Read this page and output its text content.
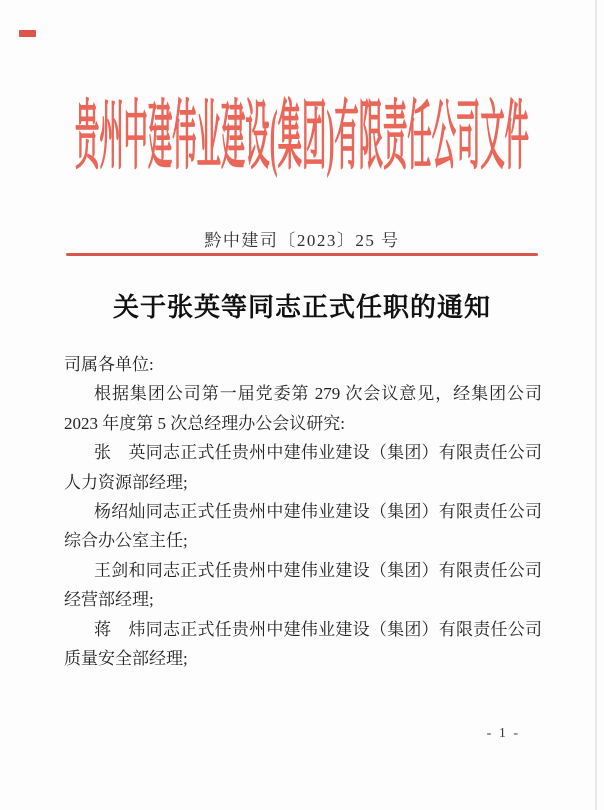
贵州中建伟业建设(集团)有限责任公司文件
黔中建司〔2023〕25 号
关于张英等同志正式任职的通知
司属各单位:
根据集团公司第一届党委第 279 次会议意见，经集团公司
2023 年度第 5 次总经理办公会议研究:
张　英同志正式任贵州中建伟业建设（集团）有限责任公司
人力资源部经理;
杨绍灿同志正式任贵州中建伟业建设（集团）有限责任公司
综合办公室主任;
王剑和同志正式任贵州中建伟业建设（集团）有限责任公司
经营部经理;
蒋　炜同志正式任贵州中建伟业建设（集团）有限责任公司
质量安全部经理;
- 1 -
